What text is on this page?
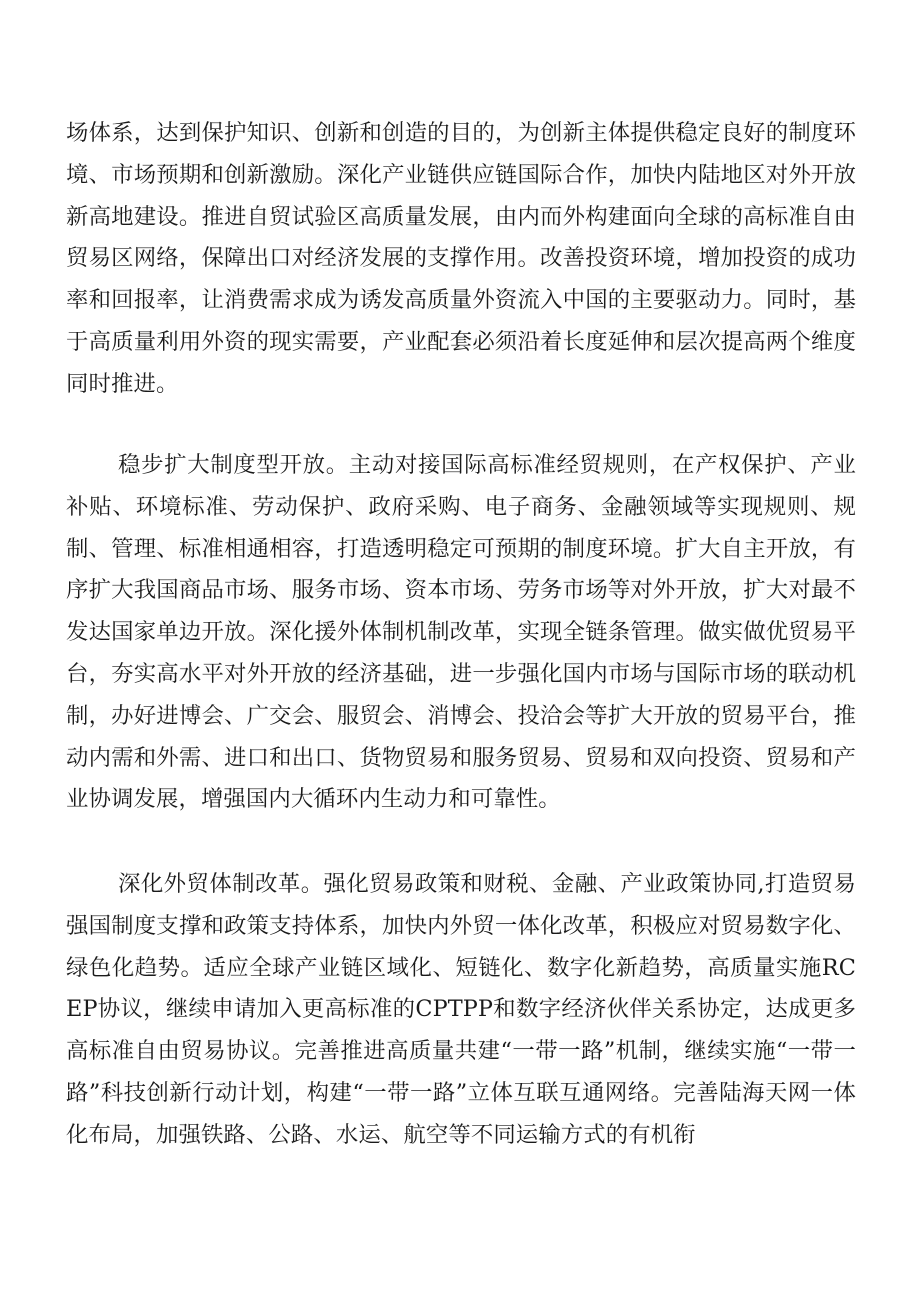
场体系，达到保护知识、创新和创造的目的，为创新主体提供稳定良好的制度环境、市场预期和创新激励。深化产业链供应链国际合作，加快内陆地区对外开放新高地建设。推进自贸试验区高质量发展，由内而外构建面向全球的高标准自由贸易区网络，保障出口对经济发展的支撑作用。改善投资环境，增加投资的成功率和回报率，让消费需求成为诱发高质量外资流入中国的主要驱动力。同时，基于高质量利用外资的现实需要，产业配套必须沿着长度延伸和层次提高两个维度同时推进。

稳步扩大制度型开放。主动对接国际高标准经贸规则，在产权保护、产业补贴、环境标准、劳动保护、政府采购、电子商务、金融领域等实现规则、规制、管理、标准相通相容，打造透明稳定可预期的制度环境。扩大自主开放，有序扩大我国商品市场、服务市场、资本市场、劳务市场等对外开放，扩大对最不发达国家单边开放。深化援外体制机制改革，实现全链条管理。做实做优贸易平台，夯实高水平对外开放的经济基础，进一步强化国内市场与国际市场的联动机制，办好进博会、广交会、服贸会、消博会、投洽会等扩大开放的贸易平台，推动内需和外需、进口和出口、货物贸易和服务贸易、贸易和双向投资、贸易和产业协调发展，增强国内大循环内生动力和可靠性。

深化外贸体制改革。强化贸易政策和财税、金融、产业政策协同,打造贸易强国制度支撑和政策支持体系，加快内外贸一体化改革，积极应对贸易数字化、绿色化趋势。适应全球产业链区域化、短链化、数字化新趋势，高质量实施RCEP协议，继续申请加入更高标准的CPTPP和数字经济伙伴关系协定，达成更多高标准自由贸易协议。完善推进高质量共建“一带一路”机制，继续实施“一带一路”科技创新行动计划，构建“一带一路”立体互联互通网络。完善陆海天网一体化布局，加强铁路、公路、水运、航空等不同运输方式的有机衔
